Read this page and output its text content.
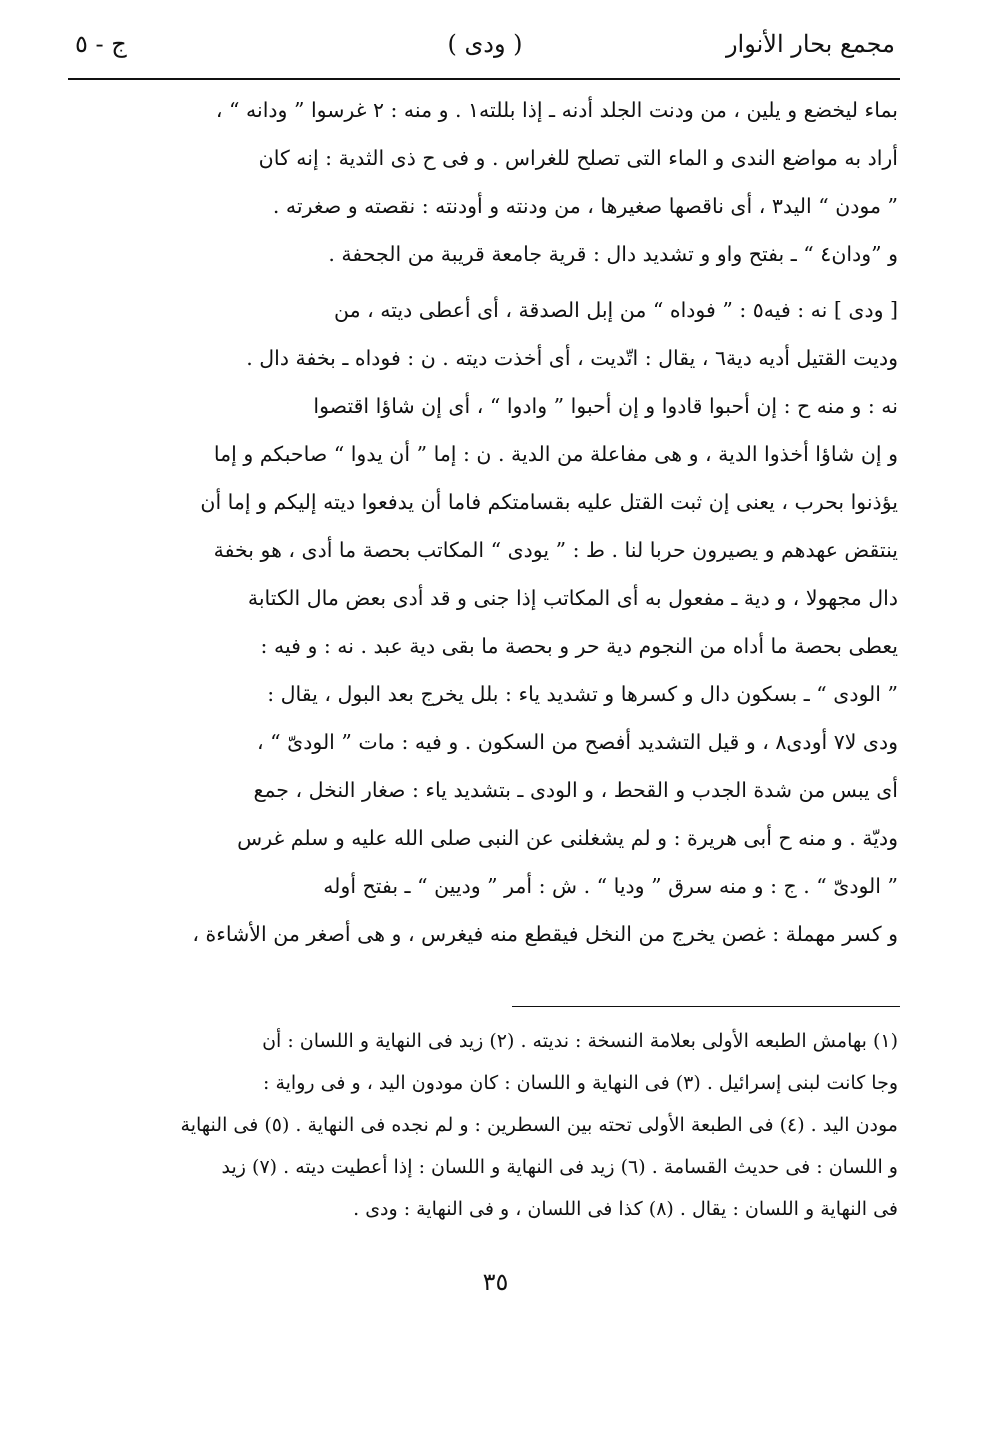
مجمع بحار الأنوار
( ودى )
ج - ٥
بماء ليخضع و يلين ، من ودنت الجلد أدنه ـ إذا بللته١ . و منه : ٢ غرسوا ” ودانه “ ،
أراد به مواضع الندى و الماء التى تصلح للغراس . و فى ح ذى الثدية : إنه كان
” مودن “ اليد٣ ، أى ناقصها صغيرها ، من ودنته و أودنته : نقصته و صغرته .
و ”ودان٤ “ ـ بفتح واو و تشديد دال : قرية جامعة قريبة من الجحفة .
[ ودى ] نه : فيه٥ : ” فوداه “ من إبل الصدقة ، أى أعطى ديته ، من
وديت القتيل أديه دية٦ ، يقال : اتّديت ، أى أخذت ديته . ن : فوداه ـ بخفة دال .
نه : و منه ح : إن أحبوا قادوا و إن أحبوا ” وادوا “ ، أى إن شاؤا اقتصوا
و إن شاؤا أخذوا الدية ، و هى مفاعلة من الدية . ن : إما ” أن يدوا “ صاحبكم و إما
يؤذنوا بحرب ، يعنى إن ثبت القتل عليه بقسامتكم فاما أن يدفعوا ديته إليكم و إما أن
ينتقض عهدهم و يصيرون حربا لنا . ط : ” يودى “ المكاتب بحصة ما أدى ، هو بخفة
دال مجهولا ، و دية ـ مفعول به أى المكاتب إذا جنى و قد أدى بعض مال الكتابة
يعطى بحصة ما أداه من النجوم دية حر و بحصة ما بقى دية عبد . نه : و فيه :
” الودى “ ـ بسكون دال و كسرها و تشديد ياء : بلل يخرج بعد البول ، يقال :
ودى لا٧ أودى٨ ، و قيل التشديد أفصح من السكون . و فيه : مات ” الودىّ “ ،
أى يبس من شدة الجدب و القحط ، و الودى ـ بتشديد ياء : صغار النخل ، جمع
وديّة . و منه ح أبى هريرة : و لم يشغلنى عن النبى صلى الله عليه و سلم غرس
” الودىّ “ . ج : و منه سرق ” وديا “ . ش : أمر ” وديين “ ـ بفتح أوله
و كسر مهملة : غصن يخرج من النخل فيقطع منه فيغرس ، و هى أصغر من الأشاءة ،
(١) بهامش الطبعه الأولى بعلامة النسخة : نديته . (٢) زيد فى النهاية و اللسان : أن
وجا كانت لبنى إسرائيل . (٣) فى النهاية و اللسان : كان مودون اليد ، و فى رواية :
مودن اليد . (٤) فى الطبعة الأولى تحته بين السطرين : و لم نجده فى النهاية . (٥) فى النهاية
و اللسان : فى حديث القسامة . (٦) زيد فى النهاية و اللسان : إذا أعطيت ديته . (٧) زيد
فى النهاية و اللسان : يقال . (٨) كذا فى اللسان ، و فى النهاية : ودى .
٣٥
